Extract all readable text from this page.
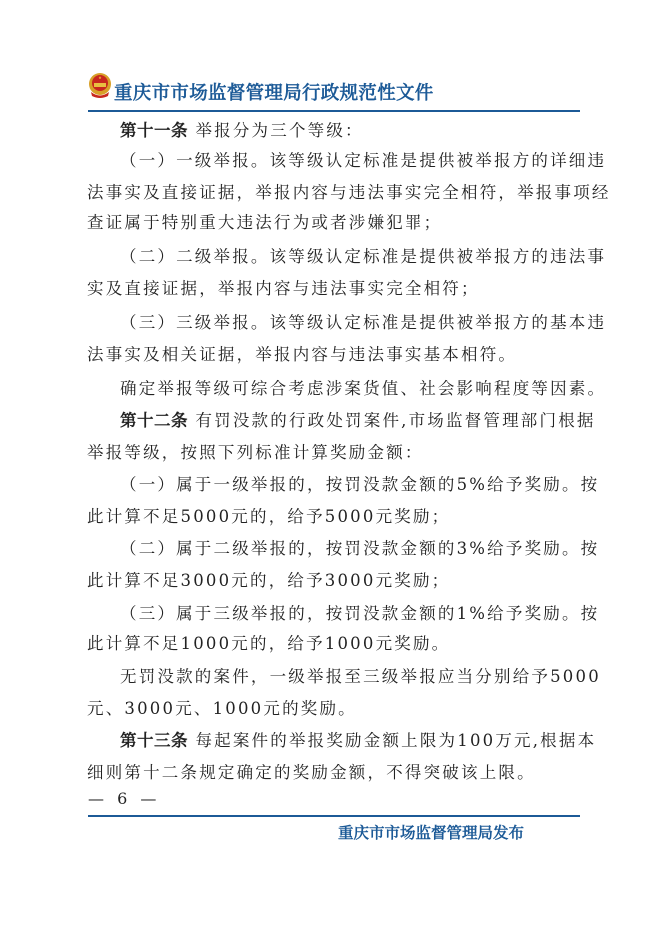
重庆市市场监督管理局行政规范性文件
第十一条 举报分为三个等级：
（一）一级举报。该等级认定标准是提供被举报方的详细违
法事实及直接证据，举报内容与违法事实完全相符，举报事项经
查证属于特别重大违法行为或者涉嫌犯罪；
（二）二级举报。该等级认定标准是提供被举报方的违法事
实及直接证据，举报内容与违法事实完全相符；
（三）三级举报。该等级认定标准是提供被举报方的基本违
法事实及相关证据，举报内容与违法事实基本相符。
确定举报等级可综合考虑涉案货值、社会影响程度等因素。
第十二条 有罚没款的行政处罚案件,市场监督管理部门根据
举报等级，按照下列标准计算奖励金额：
（一）属于一级举报的，按罚没款金额的5%给予奖励。按
此计算不足5000元的，给予5000元奖励；
（二）属于二级举报的，按罚没款金额的3%给予奖励。按
此计算不足3000元的，给予3000元奖励；
（三）属于三级举报的，按罚没款金额的1%给予奖励。按
此计算不足1000元的，给予1000元奖励。
无罚没款的案件，一级举报至三级举报应当分别给予5000
元、3000元、1000元的奖励。
第十三条 每起案件的举报奖励金额上限为100万元,根据本
细则第十二条规定确定的奖励金额，不得突破该上限。
— 6 —
重庆市市场监督管理局发布
